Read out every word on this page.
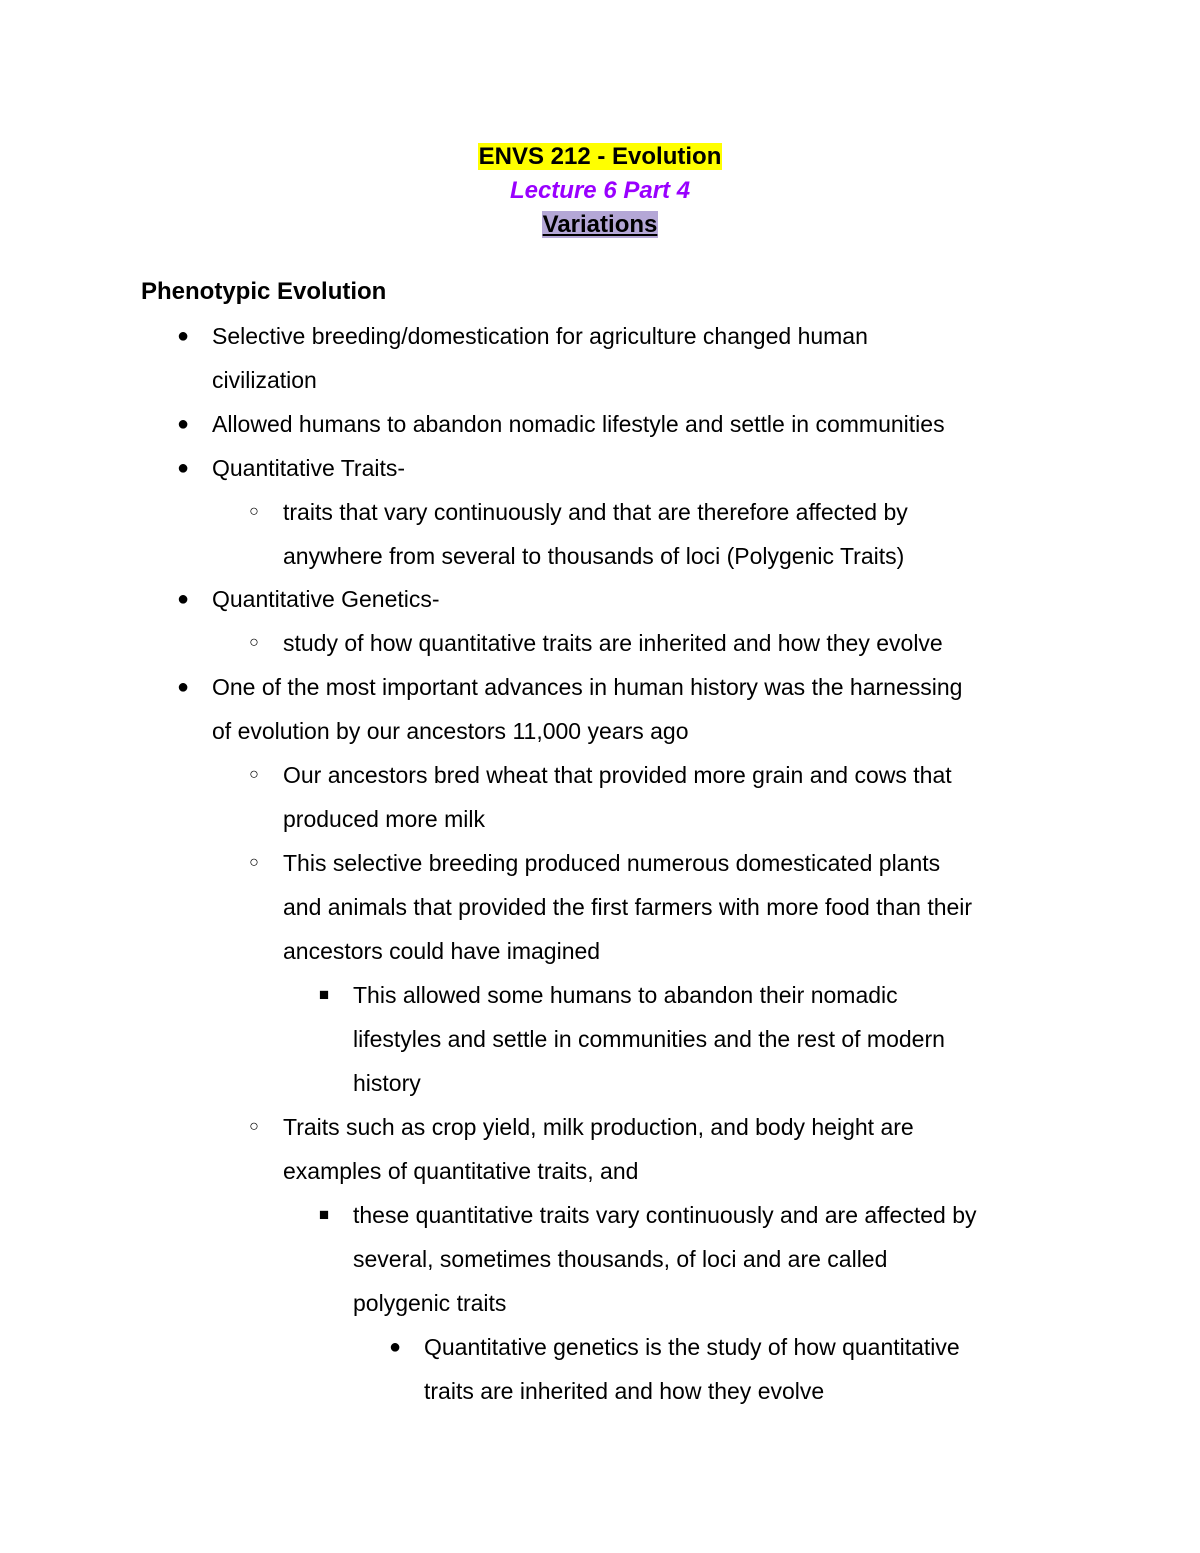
ENVS 212 - Evolution
Lecture 6 Part 4
Variations
Phenotypic Evolution
● Selective breeding/domestication for agriculture changed human
civilization
● Allowed humans to abandon nomadic lifestyle and settle in communities
● Quantitative Traits-
○ traits that vary continuously and that are therefore affected by
anywhere from several to thousands of loci (Polygenic Traits)
● Quantitative Genetics-
○ study of how quantitative traits are inherited and how they evolve
● One of the most important advances in human history was the harnessing
of evolution by our ancestors 11,000 years ago
○ Our ancestors bred wheat that provided more grain and cows that
produced more milk
○ This selective breeding produced numerous domesticated plants
and animals that provided the first farmers with more food than their
ancestors could have imagined
■ This allowed some humans to abandon their nomadic
lifestyles and settle in communities and the rest of modern
history
○ Traits such as crop yield, milk production, and body height are
examples of quantitative traits, and
■ these quantitative traits vary continuously and are affected by
several, sometimes thousands, of loci and are called
polygenic traits
● Quantitative genetics is the study of how quantitative
traits are inherited and how they evolve
